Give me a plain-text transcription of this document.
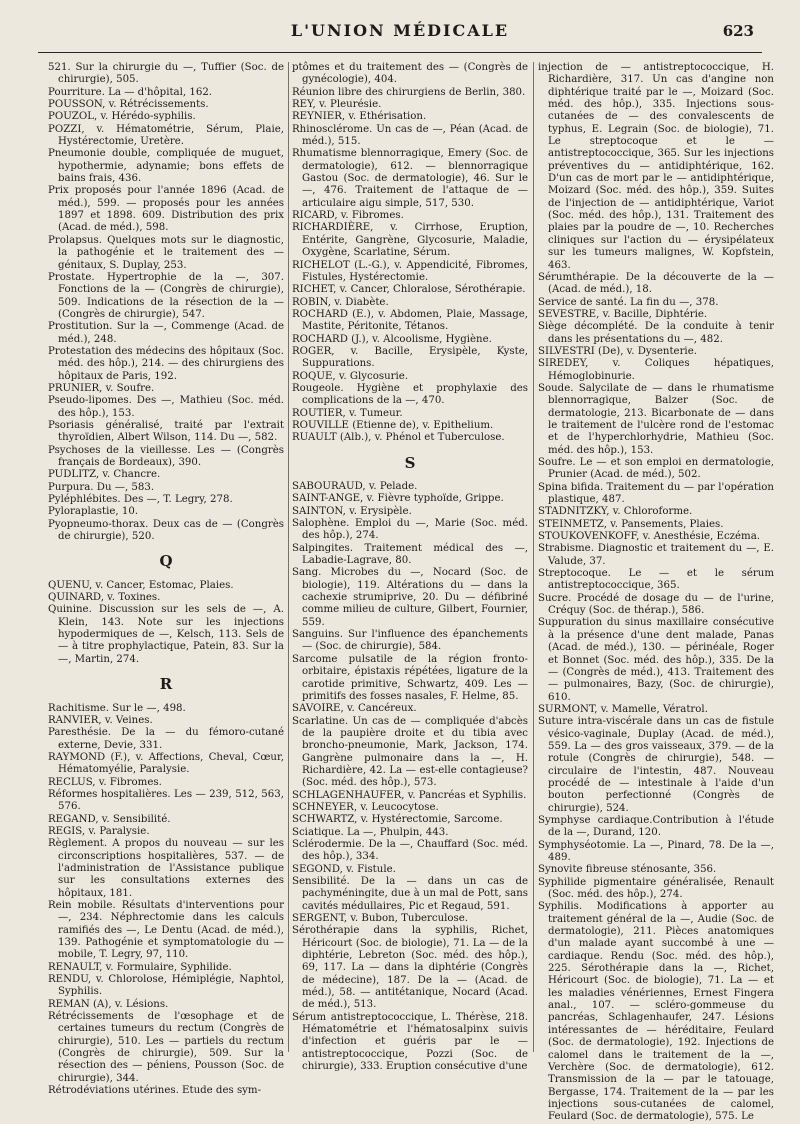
L'UNION MÉDICALE	623

521. Sur la chirurgie du —, Tuffier (Soc. de chirurgie), 505.

Pourriture. La — d'hôpital, 162.

POUSSON, v. Rétrécissements.

POUZOL, v. Hérédo-syphilis.

POZZI, v. Hématométrie, Sérum, Plaie, Hystérectomie, Uretère.

Pneumonie double, compliquée de muguet, hypothermie, adynamie; bons effets de bains frais, 436.

Prix proposés pour l'année 1896 (Acad. de méd.), 599. — proposés pour les années 1897 et 1898. 609. Distribution des prix (Acad. de méd.), 598.

Prolapsus. Quelques mots sur le diagnostic, la pathogénie et le traitement des — génitaux, S. Duplay, 253.

Prostate. Hypertrophie de la —, 307. Fonctions de la — (Congrès de chirurgie), 509. Indications de la résection de la — (Congrès de chirurgie), 547.

Prostitution. Sur la —, Commenge (Acad. de méd.), 248.

Protestation des médecins des hôpitaux (Soc. méd. des hôp.), 214. — des chirurgiens des hôpitaux de Paris, 192.

PRUNIER, v. Soufre.

Pseudo-lipomes. Des —, Mathieu (Soc. méd. des hôp.), 153.

Psoriasis généralisé, traité par l'extrait thyroïdien, Albert Wilson, 114. Du —, 582.

Psychoses de la vieillesse. Les — (Congrès français de Bordeaux), 390.

PUDLITZ, v. Chancre.

Purpura. Du —, 583.

Pyléphlébites. Des —, T. Legry, 278.

Pyloraplastie, 10.

Pyopneumo-thorax. Deux cas de — (Congrès de chirurgie), 520.

Q

QUENU, v. Cancer, Estomac, Plaies.

QUINARD, v. Toxines.

Quinine. Discussion sur les sels de —, A. Klein, 143. Note sur les injections hypodermiques de —, Kelsch, 113. Sels de — à titre prophylactique, Patein, 83. Sur la —, Martin, 274.

R

Rachitisme. Sur le —, 498.

RANVIER, v. Veines.

Paresthésie. De la — du fémoro-cutané externe, Devie, 331.

RAYMOND (F.), v. Affections, Cheval, Cœur, Hématomyélie, Paralysie.

RECLUS, v. Fibromes.

Réformes hospitalières. Les — 239, 512, 563, 576.

REGAND, v. Sensibilité.

REGIS, v. Paralysie.

Règlement. A propos du nouveau — sur les circonscriptions hospitalières, 537. — de l'administration de l'Assistance publique sur les consultations externes des hôpitaux, 181.

Rein mobile. Résultats d'interventions pour —, 234. Néphrectomie dans les calculs ramifiés des —, Le Dentu (Acad. de méd.), 139. Pathogénie et symptomatologie du — mobile, T. Legry, 97, 110.

RENAULT, v. Formulaire, Syphilide.

RENDU, v. Chlorolose, Hémiplégie, Naphtol, Syphilis.

REMAN (A), v. Lésions.

Rétrécissements de l'œsophage et de certaines tumeurs du rectum (Congrès de chirurgie), 510. Les — partiels du rectum (Congrès de chirurgie), 509. Sur la résection des — péniens, Pousson (Soc. de chirurgie), 344.

Rétrodéviations utérines. Etude des sym-

ptômes et du traitement des — (Congrès de gynécologie), 404.

Réunion libre des chirurgiens de Berlin, 380.

REY, v. Pleurésie.

REYNIER, v. Ethérisation.

Rhinosclérome. Un cas de —, Péan (Acad. de méd.), 515.

Rhumatisme blennorragique, Emery (Soc. de dermatologie), 612. — blennorragique Gastou (Soc. de dermatologie), 46. Sur le —, 476. Traitement de l'attaque de — articulaire aigu simple, 517, 530.

RICARD, v. Fibromes.

RICHARDIÈRE, v. Cirrhose, Eruption, Entérite, Gangrène, Glycosurie, Maladie, Oxygène, Scarlatine, Sérum.

RICHELOT (L.-G.), v. Appendicité, Fibromes, Fistules, Hystérectomie.

RICHET, v. Cancer, Chloralose, Sérothérapie.

ROBIN, v. Diabète.

ROCHARD (E.), v. Abdomen, Plaie, Massage, Mastite, Péritonite, Tétanos.

ROCHARD (J.), v. Alcoolisme, Hygiène.

ROGER, v. Bacille, Erysipèle, Kyste, Suppurations.

ROQUE, v. Glycosurie.

Rougeole. Hygiène et prophylaxie des complications de la —, 470.

ROUTIER, v. Tumeur.

ROUVILLE (Etienne de), v. Epithelium.

RUAULT (Alb.), v. Phénol et Tuberculose.

S

SABOURAUD, v. Pelade.

SAINT-ANGE, v. Fièvre typhoïde, Grippe.

SAINTON, v. Erysipèle.

Salophène. Emploi du —, Marie (Soc. méd. des hôp.), 274.

Salpingites. Traitement médical des —, Labadie-Lagrave, 80.

Sang. Microbes du —, Nocard (Soc. de biologie), 119. Altérations du — dans la cachexie strumiprive, 20. Du — défibriné comme milieu de culture, Gilbert, Fournier, 559.

Sanguins. Sur l'influence des épanchements — (Soc. de chirurgie), 584.

Sarcome pulsatile de la région fronto-orbitaire, épistaxis répétées, ligature de la carotide primitive, Schwartz, 409. Les — primitifs des fosses nasales, F. Helme, 85.

SAVOIRE, v. Cancéreux.

Scarlatine. Un cas de — compliquée d'abcès de la paupière droite et du tibia avec broncho-pneumonie, Mark, Jackson, 174. Gangrène pulmonaire dans la —, H. Richardière, 42. La — est-elle contagieuse? (Soc. méd. des hôp.), 573.

SCHLAGENHAUFER, v. Pancréas et Syphilis.

SCHNEYER, v. Leucocytose.

SCHWARTZ, v. Hystérectomie, Sarcome.

Sciatique. La —, Phulpin, 443.

Sclérodermie. De la —, Chauffard (Soc. méd. des hôp.), 334.

SEGOND, v. Fistule.

Sensibilité. De la — dans un cas de pachyméningite, due à un mal de Pott, sans cavités médullaires, Pic et Regaud, 591.

SERGENT, v. Bubon, Tuberculose.

Sérothérapie dans la syphilis, Richet, Héricourt (Soc. de biologie), 71. La — de la diphtérie, Lebreton (Soc. méd. des hôp.), 69, 117. La — dans la diphtérie (Congrès de médecine), 187. De la — (Acad. de méd.), 58. — antitétanique, Nocard (Acad. de méd.), 513.

Sérum antistreptococcique, L. Thérèse, 218. Hématométrie et l'hématosalpinx suivis d'infection et guéris par le — antistreptococcique, Pozzi (Soc. de chirurgie), 333. Eruption consécutive d'une

injection de — antistreptococcique, H. Richardière, 317. Un cas d'angine non diphtérique traité par le —, Moizard (Soc. méd. des hôp.), 335. Injections sous-cutanées de — des convalescents de typhus, E. Legrain (Soc. de biologie), 71. Le streptocoque et le — antistreptococcique, 365. Sur les injections préventives du — antidiphtérique, 162. D'un cas de mort par le — antidiphtérique, Moizard (Soc. méd. des hôp.), 359. Suites de l'injection de — antidiphtérique, Variot (Soc. méd. des hôp.), 131. Traitement des plaies par la poudre de —, 10. Recherches cliniques sur l'action du — érysipélateux sur les tumeurs malignes, W. Kopfstein, 463.

Sérumthérapie. De la découverte de la — (Acad. de méd.), 18.

Service de santé. La fin du —, 378.

SEVESTRE, v. Bacille, Diphtérie.

Siège décomplété. De la conduite à tenir dans les présentations du —, 482.

SILVESTRI (De), v. Dysenterie.

SIREDEY, v. Coliques hépatiques, Hémoglobinurie.

Soude. Salycilate de — dans le rhumatisme blennorragique, Balzer (Soc. de dermatologie, 213. Bicarbonate de — dans le traitement de l'ulcère rond de l'estomac et de l'hyperchlorhydrie, Mathieu (Soc. méd. des hôp.), 153.

Soufre. Le — et son emploi en dermatologie, Prunier (Acad. de méd.), 502.

Spina bifida. Traitement du — par l'opération plastique, 487.

STADNITZKY, v. Chloroforme.

STEINMETZ, v. Pansements, Plaies.

STOUKOVENKOFF, v. Anesthésie, Eczéma.

Strabisme. Diagnostic et traitement du —, E. Valude, 37.

Streptocoque. Le — et le sérum antistreptococcique, 365.

Sucre. Procédé de dosage du — de l'urine, Créquy (Soc. de thérap.), 586.

Suppuration du sinus maxillaire consécutive à la présence d'une dent malade, Panas (Acad. de méd.), 130. — périnéale, Roger et Bonnet (Soc. méd. des hôp.), 335. De la — (Congrès de méd.), 413. Traitement des — pulmonaires, Bazy, (Soc. de chirurgie), 610.

SURMONT, v. Mamelle, Vératrol.

Suture intra-viscérale dans un cas de fistule vésico-vaginale, Duplay (Acad. de méd.), 559. La — des gros vaisseaux, 379. — de la rotule (Congrès de chirurgie), 548. — circulaire de l'intestin, 487. Nouveau procédé de — intestinale à l'aide d'un bouton perfectionné (Congrès de chirurgie), 524.

Symphyse cardiaque.Contribution à l'étude de la —, Durand, 120.

Symphyséotomie. La —, Pinard, 78. De la —, 489.

Synovite fibreuse sténosante, 356.

Syphilide pigmentaire généralisée, Renault (Soc. méd. des hôp.), 274.

Syphilis. Modifications à apporter au traitement général de la —, Audie (Soc. de dermatologie), 211. Pièces anatomiques d'un malade ayant succombé à une — cardiaque. Rendu (Soc. méd. des hôp.), 225. Sérothérapie dans la —, Richet, Héricourt (Soc. de biologie), 71. La — et les maladies vénériennes, Ernest Fingera anal., 107. — scléro-gommeuse du pancréas, Schlagenhaufer, 247. Lésions intéressantes de — héréditaire, Feulard (Soc. de dermatologie), 192. Injections de calomel dans le traitement de la —, Verchère (Soc. de dermatologie), 612. Transmission de la — par le tatouage, Bergasse, 174. Traitement de la — par les injections sous-cutanées de calomel, Feulard (Soc. de dermatologie), 575. Le
